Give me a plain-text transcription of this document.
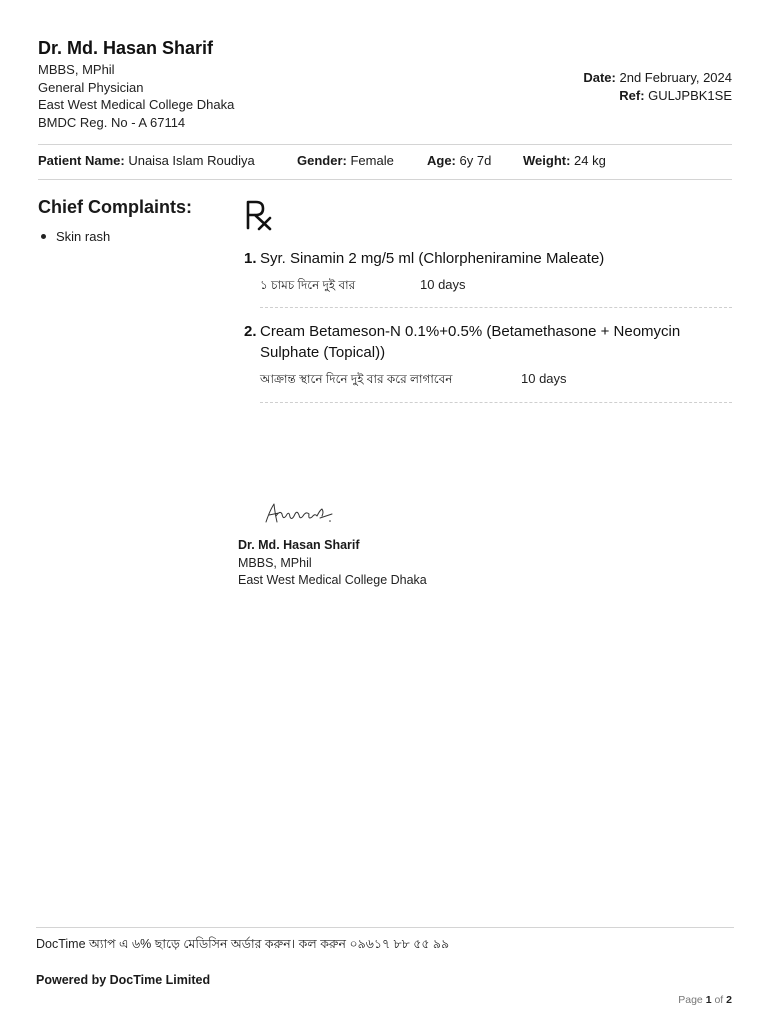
Dr. Md. Hasan Sharif
MBBS, MPhil
General Physician
East West Medical College Dhaka
BMDC Reg. No - A 67114
Date: 2nd February, 2024
Ref: GULJPBK1SE
Patient Name: Unaisa Islam Roudiya	Gender: Female	Age: 6y 7d Weight: 24 kg
Chief Complaints:
Skin rash
1. Syr. Sinamin 2 mg/5 ml (Chlorpheniramine Maleate)
১ চামচ দিনে দুই বার	10 days
2. Cream Betameson-N 0.1%+0.5% (Betamethasone + Neomycin Sulphate (Topical))
আক্রান্ত স্থানে দিনে দুই বার করে লাগাবেন	10 days
Dr. Md. Hasan Sharif
MBBS, MPhil
East West Medical College Dhaka
DocTime অ্যাপ এ ৬% ছাড়ে মেডিসিন অর্ডার করুন। কল করুন ০৯৬১৭ ৮৮ ৫৫ ৯৯
Powered by DocTime Limited
Page 1 of 2
